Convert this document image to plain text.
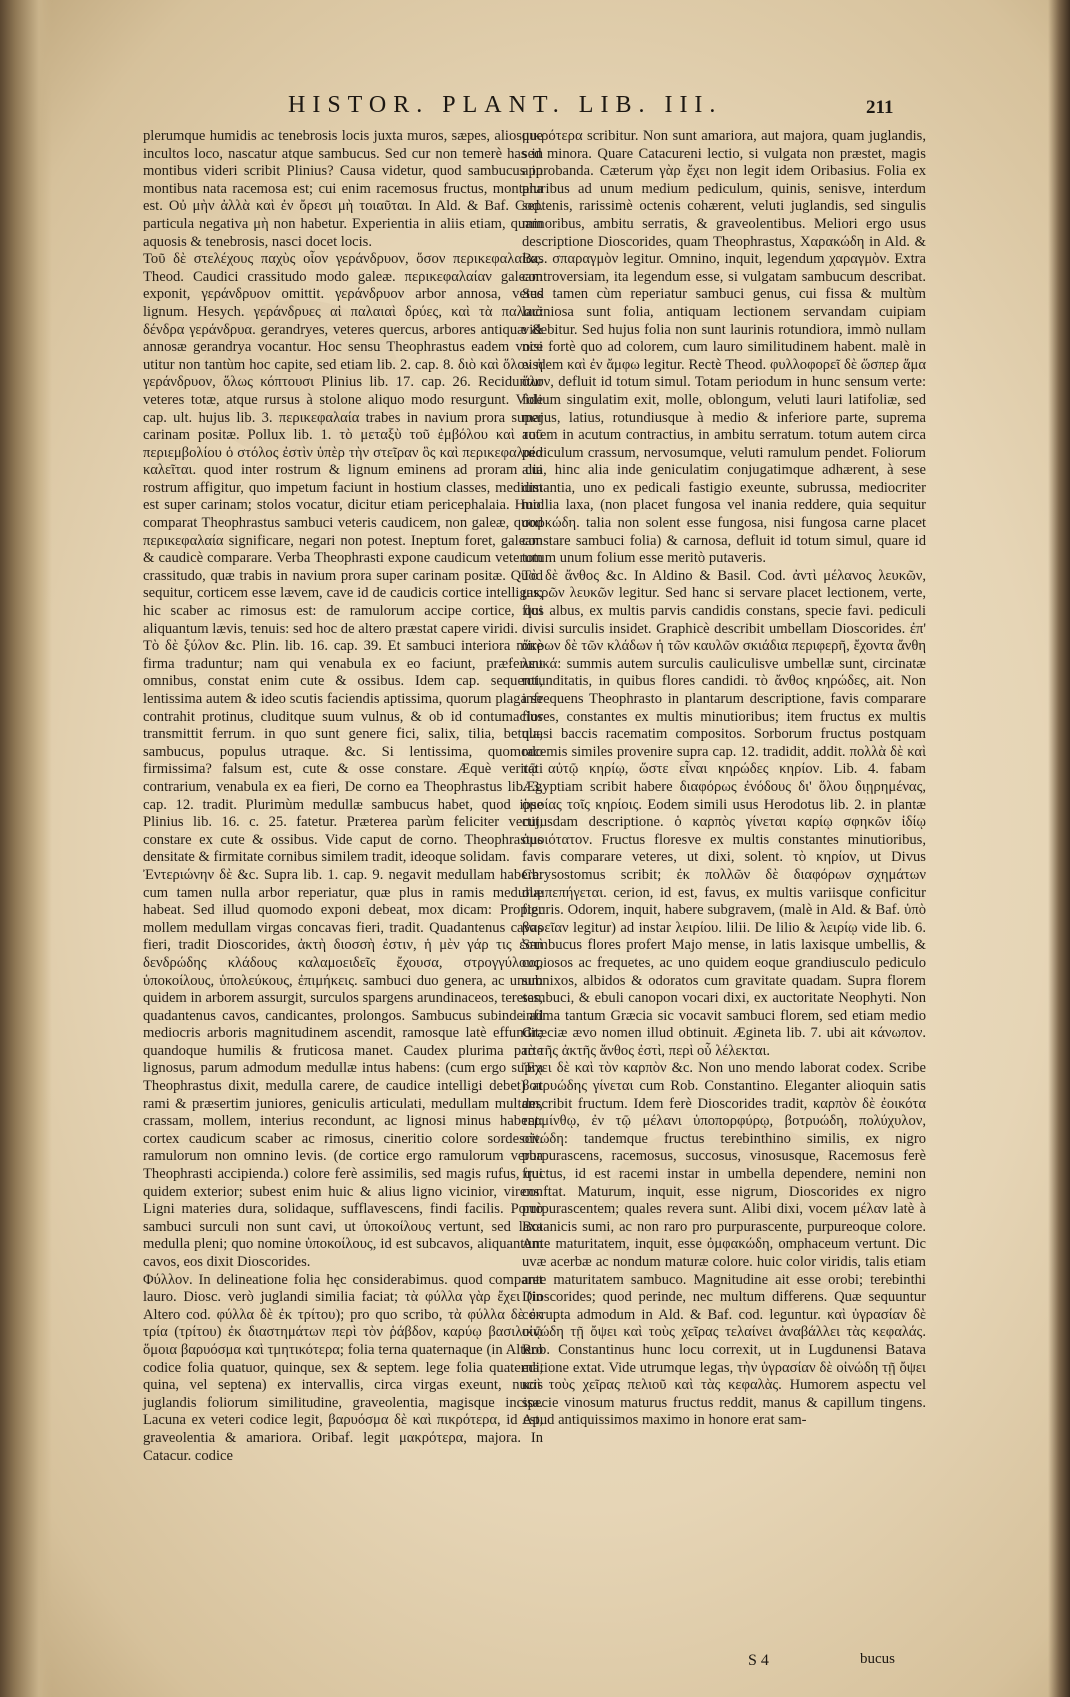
HISTOR. PLANT. LIB. III.	211

plerumque humidis ac tenebrosis locis juxta muros, sæpes, aliosque incultos loco, nascatur atque sambucus. Sed cur non temerè has in montibus videri scribit Plinius? Causa videtur, quod sambucus in montibus nata racemosa est; cui enim racemosus fructus, montana est. Οὐ μὴν ἀλλὰ καὶ ἐν ὄρεσι μὴ τοιαῦται. In Ald. & Baf. Cod. particula negativa μὴ non habetur. Experientia in aliis etiam, quam aquosis & tenebrosis, nasci docet locis.

Τοῦ δὲ στελέχους παχὺς οἷον γεράνδρυον, ὅσον περικεφαλαίας. Theod. Caudici crassitudo modo galeæ. περικεφαλαίαν galeam exponit, γεράνδρυον omittit. γεράνδρυον arbor annosa, vetus lignum. Hesych. γεράνδρυες αἱ παλαιαὶ δρύες, καὶ τὰ παλαιὰ δένδρα γεράνδρυα. gerandryes, veteres quercus, arbores antiquæ & annosæ gerandrya vocantur. Hoc sensu Theophrastus eadem voce utitur non tantùm hoc capite, sed etiam lib. 2. cap. 8. διὸ καὶ ὅλον ἡ γεράνδρυον, ὅλως κόπτουσι Plinius lib. 17. cap. 26. Reciduntur veteres totæ, atque rursus à stolone aliquo modo resurgunt. Vide cap. ult. hujus lib. 3. περικεφαλαία trabes in navium prora super carinam positæ. Pollux lib. 1. τὸ μεταξὺ τοῦ ἐμβόλου καὶ τοῦ περιεμβολίου ὁ στόλος ἐστὶν ὑπὲρ τὴν στεῖραν ὃς καὶ περικεφαλαία καλεῖται. quod inter rostrum & lignum eminens ad proram cui rostrum affigitur, quo impetum faciunt in hostium classes, medium est super carinam; stolos vocatur, dicitur etiam pericephalaia. Huic comparat Theophrastus sambuci veteris caudicem, non galeæ, quod περικεφαλαία significare, negari non potest. Ineptum foret, galeam & caudicè comparare. Verba Theophrasti expone caudicum veterum crassitudo, quæ trabis in navium prora super carinam positæ. Quod sequitur, corticem esse lævem, cave id de caudicis cortice intelligas; hic scaber ac rimosus est: de ramulorum accipe cortice, qui aliquantum lævis, tenuis: sed hoc de altero præstat capere viridi.

Τὸ δὲ ξύλον &c. Plin. lib. 16. cap. 39. Et sambuci interiora mirè firma traduntur; nam qui venabula ex eo faciunt, præferunt omnibus, constat enim cute & ossibus. Idem cap. sequenti, lentissima autem & ideo scutis faciendis aptissima, quorum plaga se contrahit protinus, cluditque suum vulnus, & ob id contumacius transmittit ferrum. in quo sunt genere fici, salix, tilia, betula, sambucus, populus utraque. &c. Si lentissima, quomodo firmissima? falsum est, cute & osse constare. Æquè veritati contrarium, venabula ex ea fieri, De corno ea Theophrastus lib. 3. cap. 12. tradit. Plurimùm medullæ sambucus habet, quod ipse Plinius lib. 16. c. 25. fatetur. Præterea parùm feliciter vertit, constare ex cute & ossibus. Vide caput de corno. Theophrastus densitate & firmitate cornibus similem tradit, ideoque solidam.

Ἐντεριώνην δὲ &c. Supra lib. 1. cap. 9. negavit medullam habere: cum tamen nulla arbor reperiatur, quæ plus in ramis medullæ habeat. Sed illud quomodo exponi debeat, mox dicam: Propter mollem medullam virgas concavas fieri, tradit. Quadantenus cavas fieri, tradit Dioscorides, ἀκτὴ διοσσὴ ἐστιν, ἡ μὲν γάρ τις ἐστὶ δενδρώδης κλάδους καλαμοειδεῖς ἔχουσα, στρογγύλους, ὑποκοίλους, ὑπολεύκους, ἐπιμήκεις. sambuci duo genera, ac unum quidem in arborem assurgit, surculos spargens arundinaceos, teretes, quadantenus cavos, candicantes, prolongos. Sambucus subinde ad mediocris arboris magnitudinem ascendit, ramosque latè effundit; quandoque humilis & fruticosa manet. Caudex plurima parte lignosus, parum admodum medullæ intus habens: (cum ergo supra Theophrastus dixit, medulla carere, de caudice intelligi debet) at rami & præsertim juniores, geniculis articulati, medullam multam, crassam, mollem, interius recondunt, ac lignosi minus habent: cortex caudicum scaber ac rimosus, cineritio colore sordescit. ramulorum non omnino levis. (de cortice ergo ramulorum verba Theophrasti accipienda.) colore ferè assimilis, sed magis rufus, qui quidem exterior; subest enim huic & alius ligno vicinior, virens. Ligni materies dura, solidaque, sufflavescens, findi facilis. Porrò sambuci surculi non sunt cavi, ut ὑποκοίλους vertunt, sed laxa medulla pleni; quo nomine ὑποκοίλους, id est subcavos, aliquantum cavos, eos dixit Dioscorides.

Φύλλον. In delineatione folia hęc considerabimus. quod comparet lauro. Diosc. verò juglandi similia faciat; τὰ φύλλα γὰρ ἔχει (in Altero cod. φύλλα δὲ ἐκ τρίτου); pro quo scribo, τὰ φύλλα δὲ ἐκ τρία (τρίτου) ἐκ διαστημάτων περὶ τὸν ῥάβδον, καρύῳ βασιλικῷ ὅμοια βαρυόσμα καὶ τμητικότερα; folia terna quaternaque (in Altero codice folia quatuor, quinque, sex & septem. lege folia quaterna, quina, vel septena) ex intervallis, circa virgas exeunt, nucis juglandis foliorum similitudine, graveolentia, magisque incisa. Lacuna ex veteri codice legit, βαρυόσμα δὲ καὶ πικρότερα, id est, graveolentia & amariora. Oribaf. legit μακρότερα, majora. In Catacur. codice

μικρότερα scribitur. Non sunt amariora, aut majora, quam juglandis, sed minora. Quare Catacureni lectio, si vulgata non præstet, magis approbanda. Cæterum γὰρ ἔχει non legit idem Oribasius. Folia ex pluribus ad unum medium pediculum, quinis, senisve, interdum septenis, rarissimè octenis cohærent, veluti juglandis, sed singulis minoribus, ambitu serratis, & graveolentibus. Meliori ergo usus descriptione Dioscorides, quam Theophrastus, Χαρακώδη in Ald. & Bas. σπαραγμὸν legitur. Omnino, inquit, legendum χαραγμὸν. Extra controversiam, ita legendum esse, si vulgatam sambucum describat. Sed tamen cùm reperiatur sambuci genus, cui fissa & multùm laciniosa sunt folia, antiquam lectionem servandam cuipiam videbitur. Sed hujus folia non sunt laurinis rotundiora, immò nullam nisi fortè quo ad colorem, cum lauro similitudinem habent. malè in eisdem καὶ ἐν ἄμφω legitur. Rectè Theod. φυλλοφορεῖ δὲ ὥσπερ ἅμα ὅλον, defluit id totum simul. Totam periodum in hunc sensum verte: folium singulatim exit, molle, oblongum, veluti lauri latifoliæ, sed majus, latius, rotundiusque à medio & inferiore parte, suprema autem in acutum contractius, in ambitu serratum. totum autem circa pediculum crassum, nervosumque, veluti ramulum pendet. Foliorum alia, hinc alia inde geniculatim conjugatimque adhærent, à sese distantia, uno ex pedicali fastigio exeunte, subrussa, mediocriter mollia laxa, (non placet fungosa vel inania reddere, quia sequitur σαρκώδη. talia non solent esse fungosa, nisi fungosa carne placet constare sambuci folia) & carnosa, defluit id totum simul, quare id totum unum folium esse meritò putaveris.

Τὸ δὲ ἄνθος &c. In Aldino & Basil. Cod. ἀντὶ μέλανος λευκῶν, μικρῶν λευκῶν legitur. Sed hanc si servare placet lectionem, verte, flos albus, ex multis parvis candidis constans, specie favi. pediculi divisi surculis insidet. Graphicè describit umbellam Dioscorides. ἐπ' ἄκρων δὲ τῶν κλάδων ἡ τῶν καυλῶν σκιάδια περιφερῆ, ἔχοντα ἄνθη λευκά: summis autem surculis cauliculisve umbellæ sunt, circinatæ rotunditatis, in quibus flores candidi. τὸ ἄνθος κηρώδες, ait. Non infrequens Theophrasto in plantarum descriptione, favis comparare flores, constantes ex multis minutioribus; item fructus ex multis quasi baccis racematim compositos. Sorborum fructus postquam racemis similes provenire supra cap. 12. tradidit, addit. πολλὰ δὲ καὶ τῷ αὐτῷ κηρίῳ, ὥστε εἶναι κηρώδες κηρίον. Lib. 4. fabam Ægyptiam scribit habere διαφόρως ἐνόδους δι' ὅλου διῃρημένας, ὁμοίας τοῖς κηρίοις. Eodem simili usus Herodotus lib. 2. in plantæ cujusdam descriptione. ὁ καρπὸς γίνεται καρίῳ σφηκῶν ἰδίῳ ὁμοιότατον. Fructus floresve ex multis constantes minutioribus, favis comparare veteres, ut dixi, solent. τὸ κηρίον, ut Divus Chrysostomus scribit; ἐκ πολλῶν δὲ διαφόρων σχημάτων συμπεπήγεται. cerion, id est, favus, ex multis variisque conficitur figuris. Odorem, inquit, habere subgravem, (malè in Ald. & Baf. ὑπὸ βαρεῖαν legitur) ad instar λειρίου. lilii. De lilio & λειρίῳ vide lib. 6. Sambucus flores profert Majo mense, in latis laxisque umbellis, & copiosos ac frequetes, ac uno quidem eoque grandiusculo pediculo subnixos, albidos & odoratos cum gravitate quadam. Supra florem sambuci, & ebuli canopon vocari dixi, ex auctoritate Neophyti. Non infima tantum Græcia sic vocavit sambuci florem, sed etiam medio Græciæ ævo nomen illud obtinuit. Ægineta lib. 7. ubi ait κάνωπον. τὸ τῆς ἀκτῆς ἄνθος ἐστὶ, περὶ οὗ λέλεκται.

Ἔχει δὲ καὶ τὸν καρπὸν &c. Non uno mendo laborat codex. Scribe βοτρυώδης γίνεται cum Rob. Constantino. Eleganter alioquin satis describit fructum. Idem ferè Dioscorides tradit, καρπὸν δὲ ἐοικότα τερμίνθῳ, ἐν τῷ μέλανι ὑποπορφύρῳ, βοτρυώδη, πολύχυλον, οἰνώδη: tandemque fructus terebinthino similis, ex nigro purpurascens, racemosus, succosus, vinosusque, Racemosus ferè fructus, id est racemi instar in umbella dependere, nemini non conftat. Maturum, inquit, esse nigrum, Dioscorides ex nigro purpurascentem; quales revera sunt. Alibi dixi, vocem μέλαν latè à Botanicis sumi, ac non raro pro purpurascente, purpureoque colore. Ante maturitatem, inquit, esse ὀμφακώδη, omphaceum vertunt. Dic uvæ acerbæ ac nondum maturæ colore. huic color viridis, talis etiam ante maturitatem sambuco. Magnitudine ait esse orobi; terebinthi Dioscorides; quod perinde, nec multum differens. Quæ sequuntur corrupta admodum in Ald. & Baf. cod. leguntur. καὶ ὑγρασίαν δὲ οἰνώδη τῇ ὄψει καὶ τοὺς χεῖρας τελαίνει ἀναβάλλει τὰς κεφαλάς. Rob. Constantinus hunc locu correxit, ut in Lugdunensi Batava editione extat. Vide utrumque legas, τὴν ὑγρασίαν δὲ οἰνώδη τῇ ὄψει καὶ τοὺς χεῖρας πελιοῦ καὶ τὰς κεφαλὰς. Humorem aspectu vel specie vinosum maturus fructus reddit, manus & capillum tingens. Apud antiquissimos maximo in honore erat sam-

S 4	bucus
